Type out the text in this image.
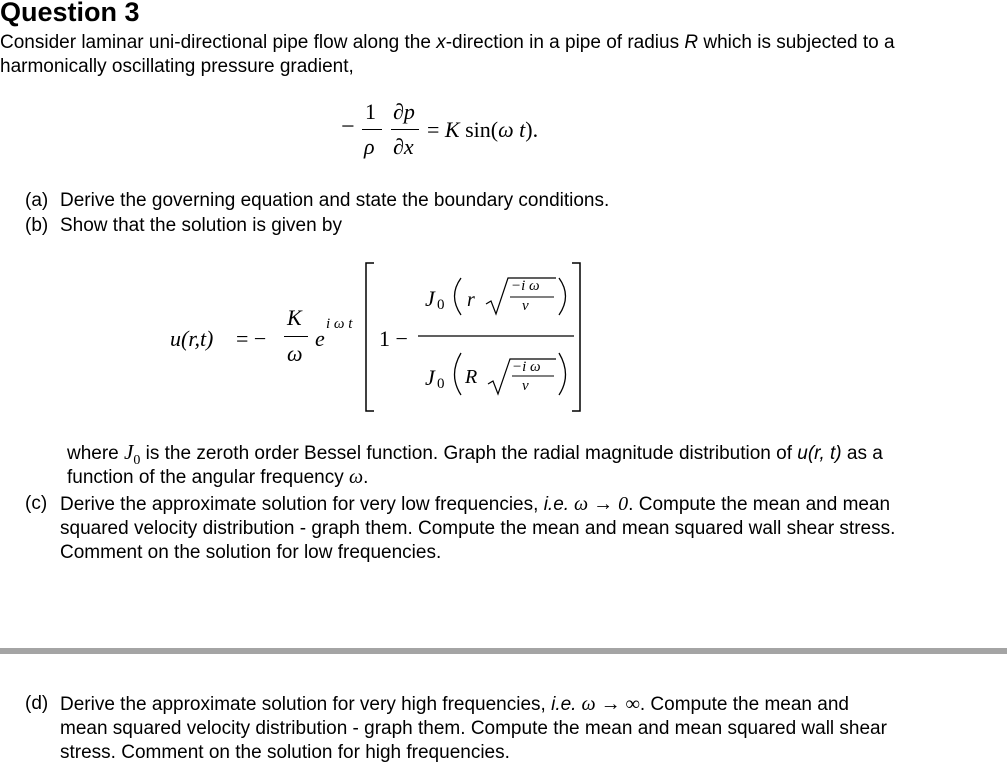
Question 3
Consider laminar uni-directional pipe flow along the x-direction in a pipe of radius R which is subjected to a
harmonically oscillating pressure gradient,
−
1
ρ
∂p
∂x
= K sin(ω t).
(a) Derive the governing equation and state the boundary conditions.
(b) Show that the solution is given by
u(r,t) = −
K
ω
e
i ω t
1 −
J 0 r
−i ω
ν
J 0 R −i ω
ν
where $J_0$ is the zeroth order Bessel function. Graph the radial magnitude distribution of u(r, t) as a
function of the angular frequency ω.
(c) Derive the approximate solution for very low frequencies, i.e. ω → 0. Compute the mean and mean
squared velocity distribution - graph them. Compute the mean and mean squared wall shear stress.
Comment on the solution for low frequencies.
(d) Derive the approximate solution for very high frequencies, i.e. ω → ∞. Compute the mean and
mean squared velocity distribution - graph them. Compute the mean and mean squared wall shear
stress. Comment on the solution for high frequencies.
